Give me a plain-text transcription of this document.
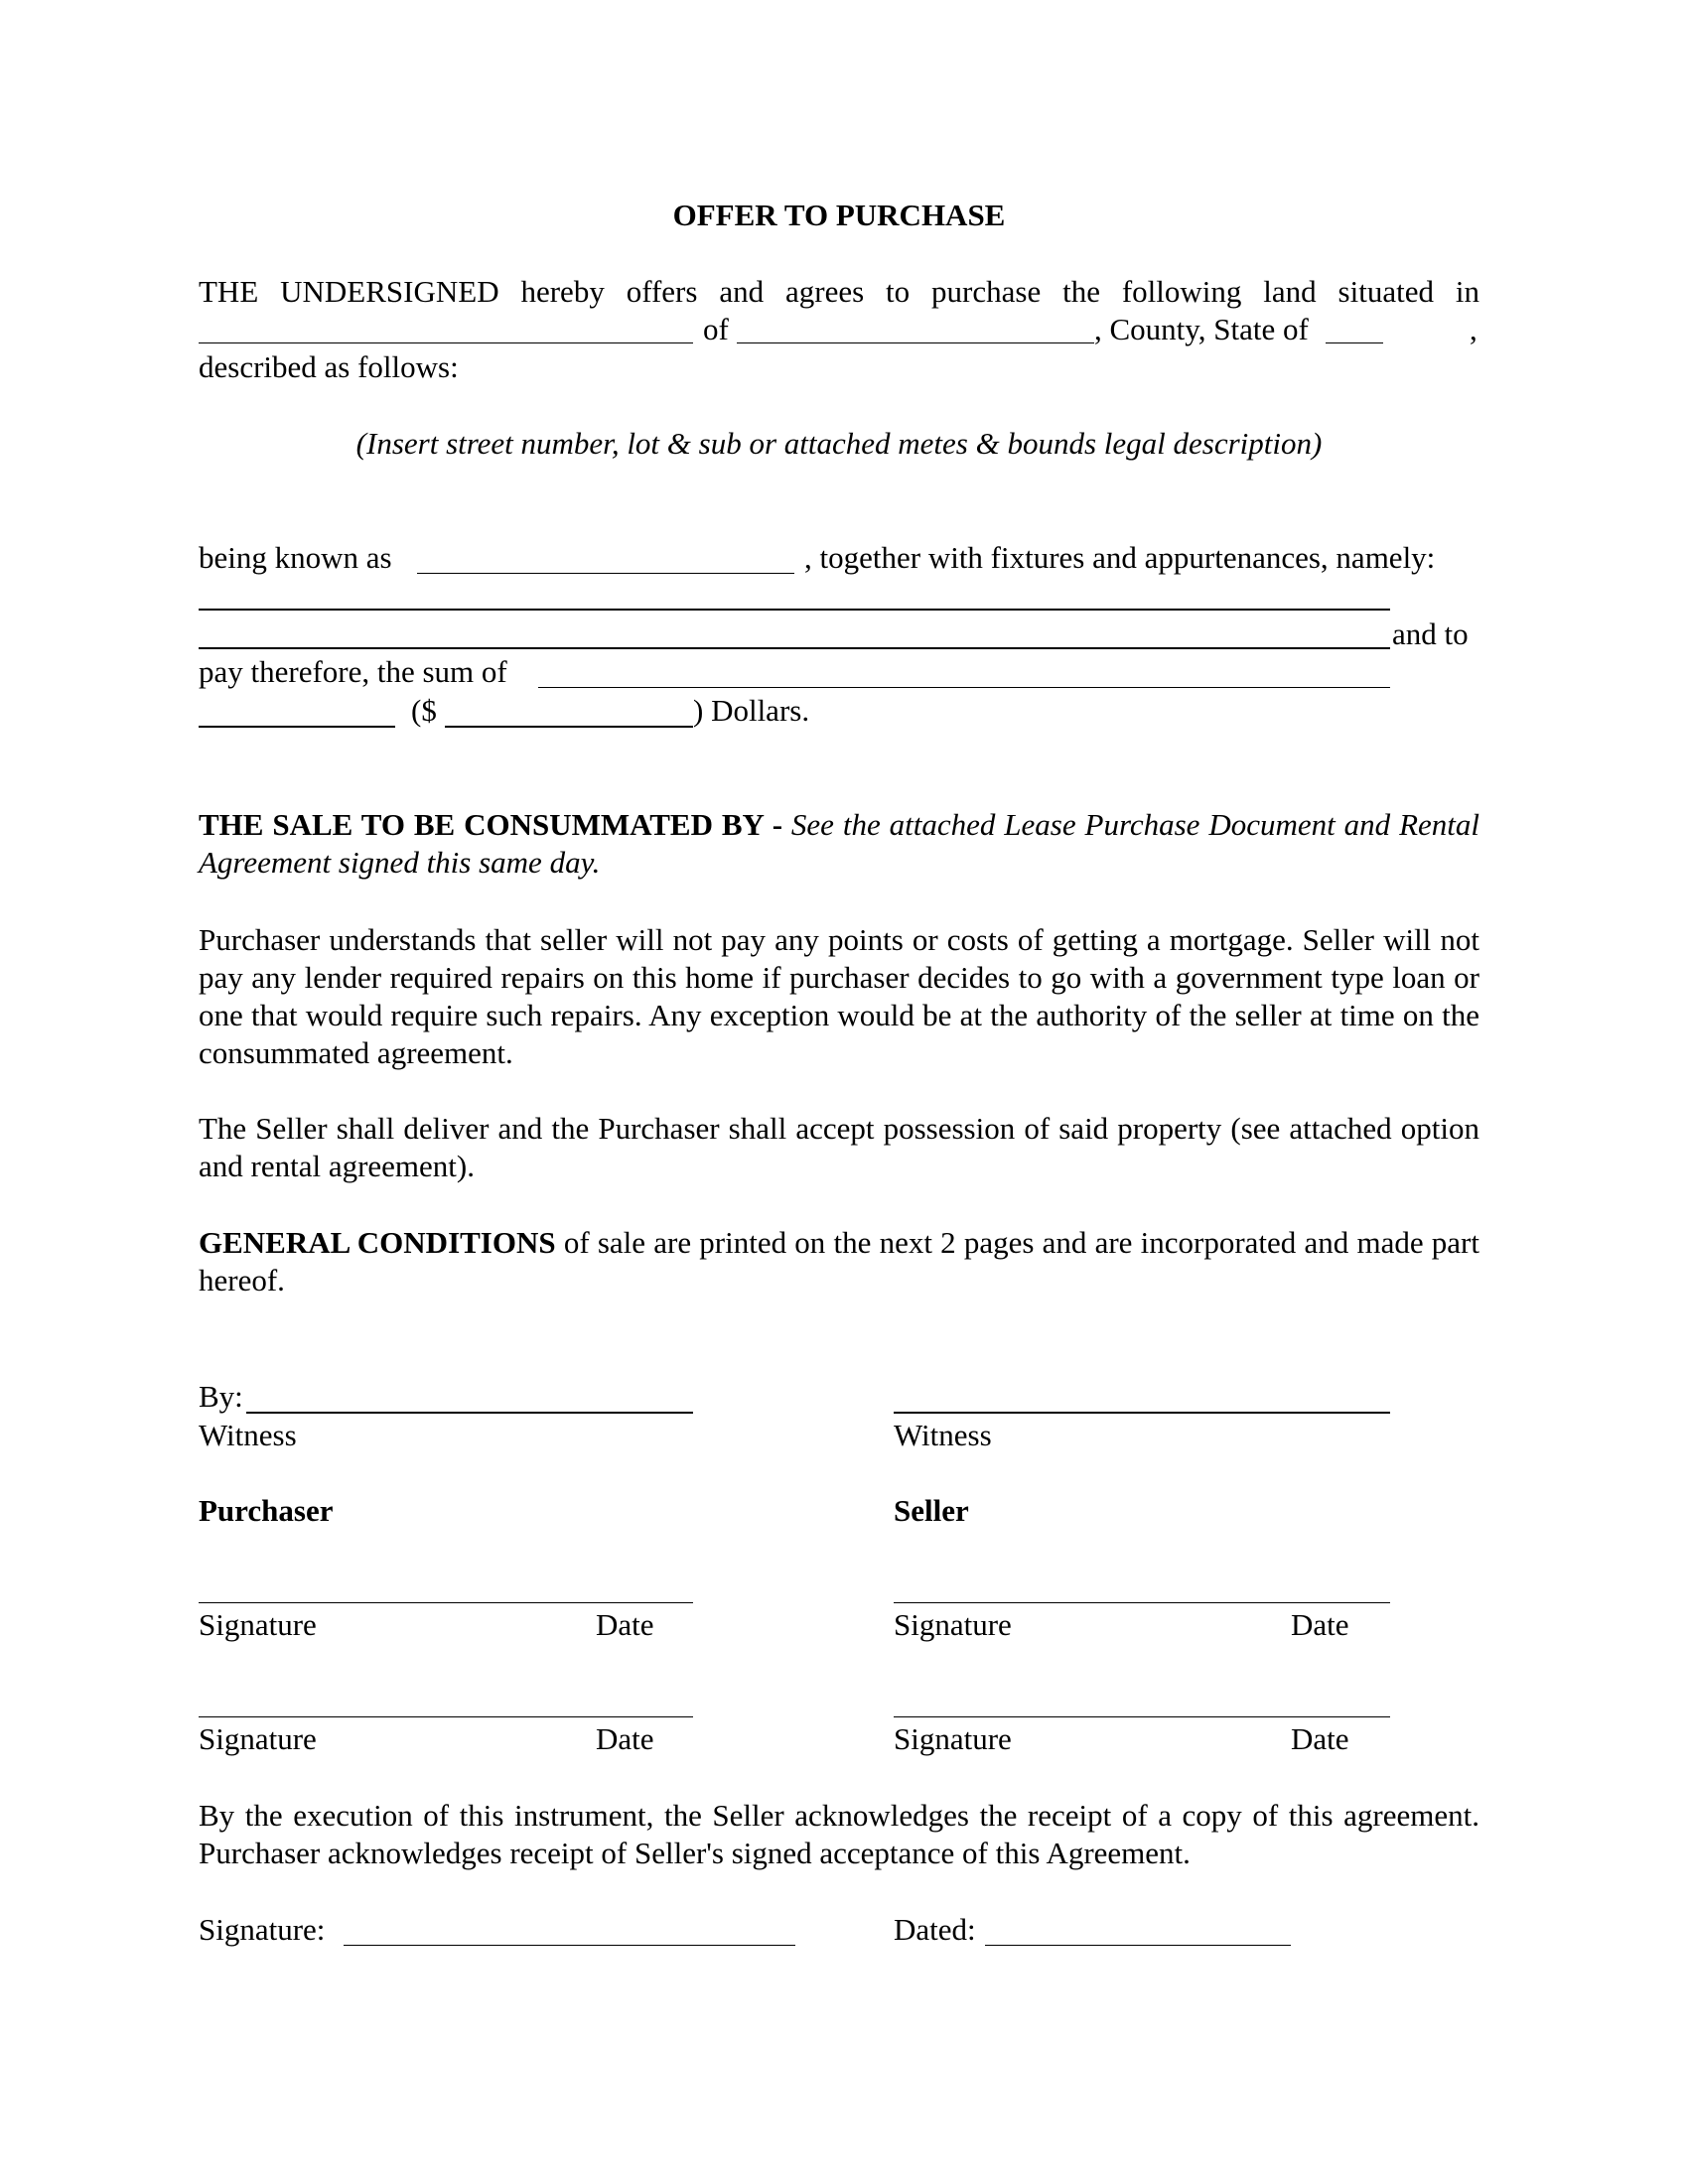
OFFER TO PURCHASE
THE UNDERSIGNED hereby offers and agrees to purchase the following land situated in
of	, County, State of	,
described as follows:
(Insert street number, lot & sub or attached metes & bounds legal description)
being known as	, together with fixtures and appurtenances, namely:
and to
pay therefore, the sum of
($	) Dollars.
THE SALE TO BE CONSUMMATED BY - See the attached Lease Purchase Document and Rental Agreement signed this same day.
Purchaser understands that seller will not pay any points or costs of getting a mortgage. Seller will not pay any lender required repairs on this home if purchaser decides to go with a government type loan or one that would require such repairs. Any exception would be at the authority of the seller at time on the consummated agreement.
The Seller shall deliver and the Purchaser shall accept possession of said property (see attached option and rental agreement).
GENERAL CONDITIONS of sale are printed on the next 2 pages and are incorporated and made part hereof.
By:
Witness	Witness
Purchaser	Seller
Signature	Date	Signature	Date
Signature	Date	Signature	Date
By the execution of this instrument, the Seller acknowledges the receipt of a copy of this agreement. Purchaser acknowledges receipt of Seller's signed acceptance of this Agreement.
Signature:	Dated:
